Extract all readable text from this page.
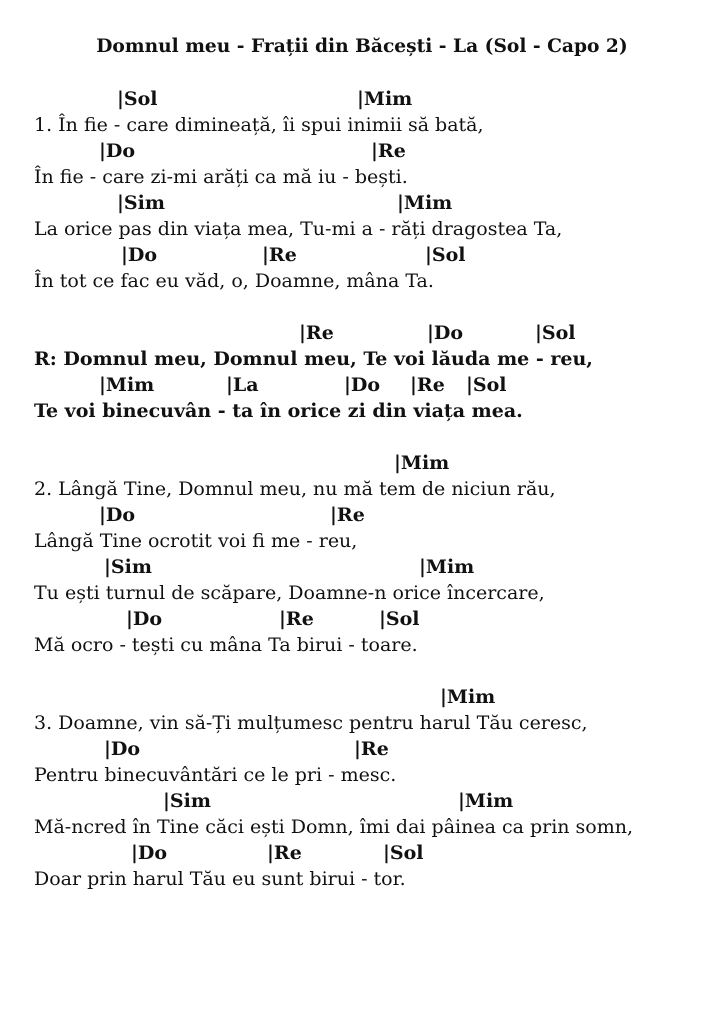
Domnul meu - Frații din Băcești - La (Sol - Capo 2)
|Sol	|Mim
1. În fie - care dimineață, îi spui inimii să bată,
|Do	|Re
În fie - care zi-mi arăți ca mă iu - bești.
|Sim	|Mim
La orice pas din viața mea, Tu-mi a - răți dragostea Ta,
|Do	|Re	|Sol
În tot ce fac eu văd, o, Doamne, mâna Ta.
|Re	|Do	|Sol
R: Domnul meu, Domnul meu, Te voi lăuda me - reu,
|Mim	|La	|Do |Re |Sol
Te voi binecuvân - ta în orice zi din viața mea.
|Mim
2. Lângă Tine, Domnul meu, nu mă tem de niciun rău,
|Do	|Re
Lângă Tine ocrotit voi fi me - reu,
|Sim	|Mim
Tu ești turnul de scăpare, Doamne-n orice încercare,
|Do	|Re	|Sol
Mă ocro - tești cu mâna Ta birui - toare.
|Mim
3. Doamne, vin să-Ți mulțumesc pentru harul Tău ceresc,
|Do	|Re
Pentru binecuvântări ce le pri - mesc.
|Sim	|Mim
Mă-ncred în Tine căci ești Domn, îmi dai pâinea ca prin somn,
|Do	|Re	|Sol
Doar prin harul Tău eu sunt birui - tor.
